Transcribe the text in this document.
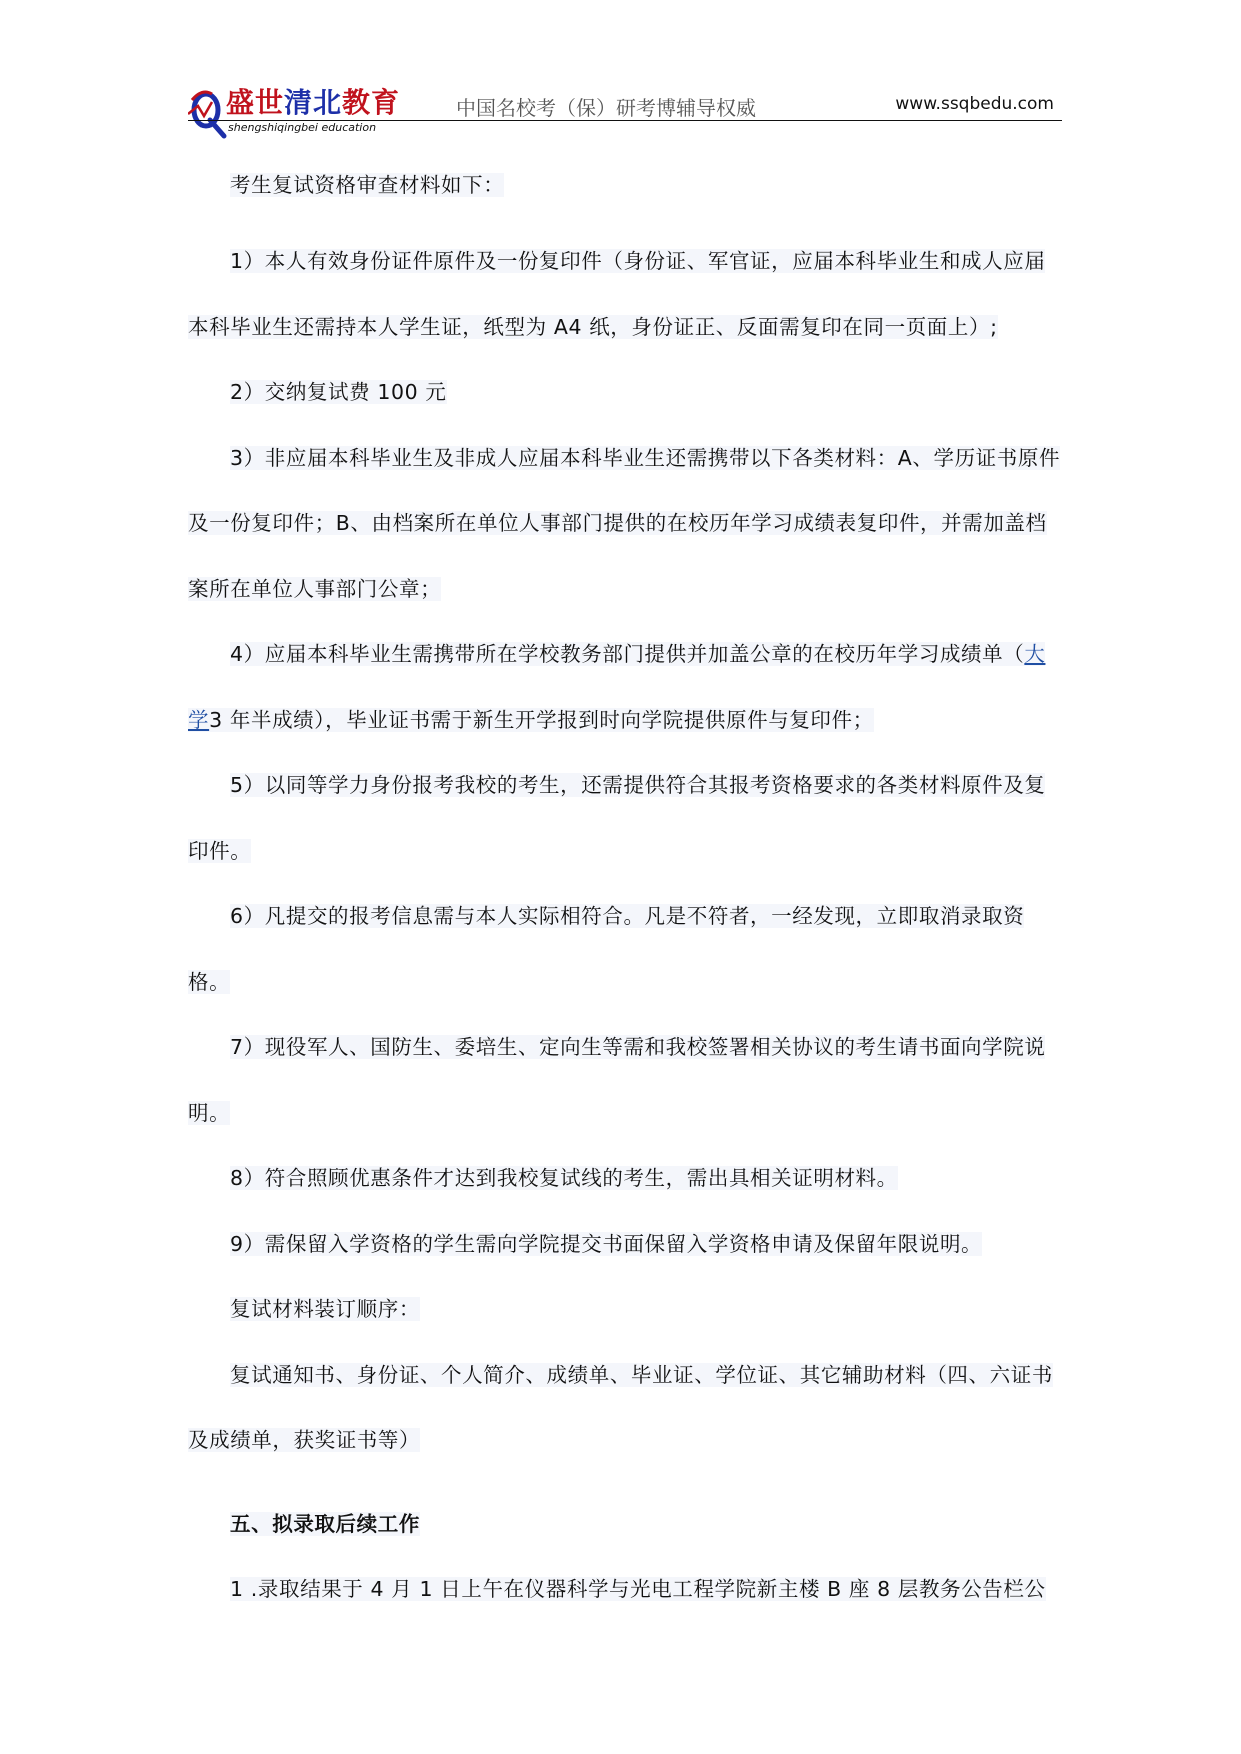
盛世清北教育
shengshiqingbei education
中国名校考（保）研考博辅导权威	www.ssqbedu.com

考生复试资格审查材料如下：

1）本人有效身份证件原件及一份复印件（身份证、军官证，应届本科毕业生和成人应届本科毕业生还需持本人学生证，纸型为 A4 纸，身份证正、反面需复印在同一页面上）;

2）交纳复试费 100 元

3）非应届本科毕业生及非成人应届本科毕业生还需携带以下各类材料：A、学历证书原件及一份复印件；B、由档案所在单位人事部门提供的在校历年学习成绩表复印件，并需加盖档案所在单位人事部门公章；

4）应届本科毕业生需携带所在学校教务部门提供并加盖公章的在校历年学习成绩单（大学3 年半成绩），毕业证书需于新生开学报到时向学院提供原件与复印件；

5）以同等学力身份报考我校的考生，还需提供符合其报考资格要求的各类材料原件及复印件。

6）凡提交的报考信息需与本人实际相符合。凡是不符者，一经发现，立即取消录取资格。

7）现役军人、国防生、委培生、定向生等需和我校签署相关协议的考生请书面向学院说明。

8）符合照顾优惠条件才达到我校复试线的考生，需出具相关证明材料。

9）需保留入学资格的学生需向学院提交书面保留入学资格申请及保留年限说明。

复试材料装订顺序：

复试通知书、身份证、个人简介、成绩单、毕业证、学位证、其它辅助材料（四、六证书及成绩单，获奖证书等）

五、拟录取后续工作

1 .录取结果于 4 月 1 日上午在仪器科学与光电工程学院新主楼 B 座 8 层教务公告栏公
